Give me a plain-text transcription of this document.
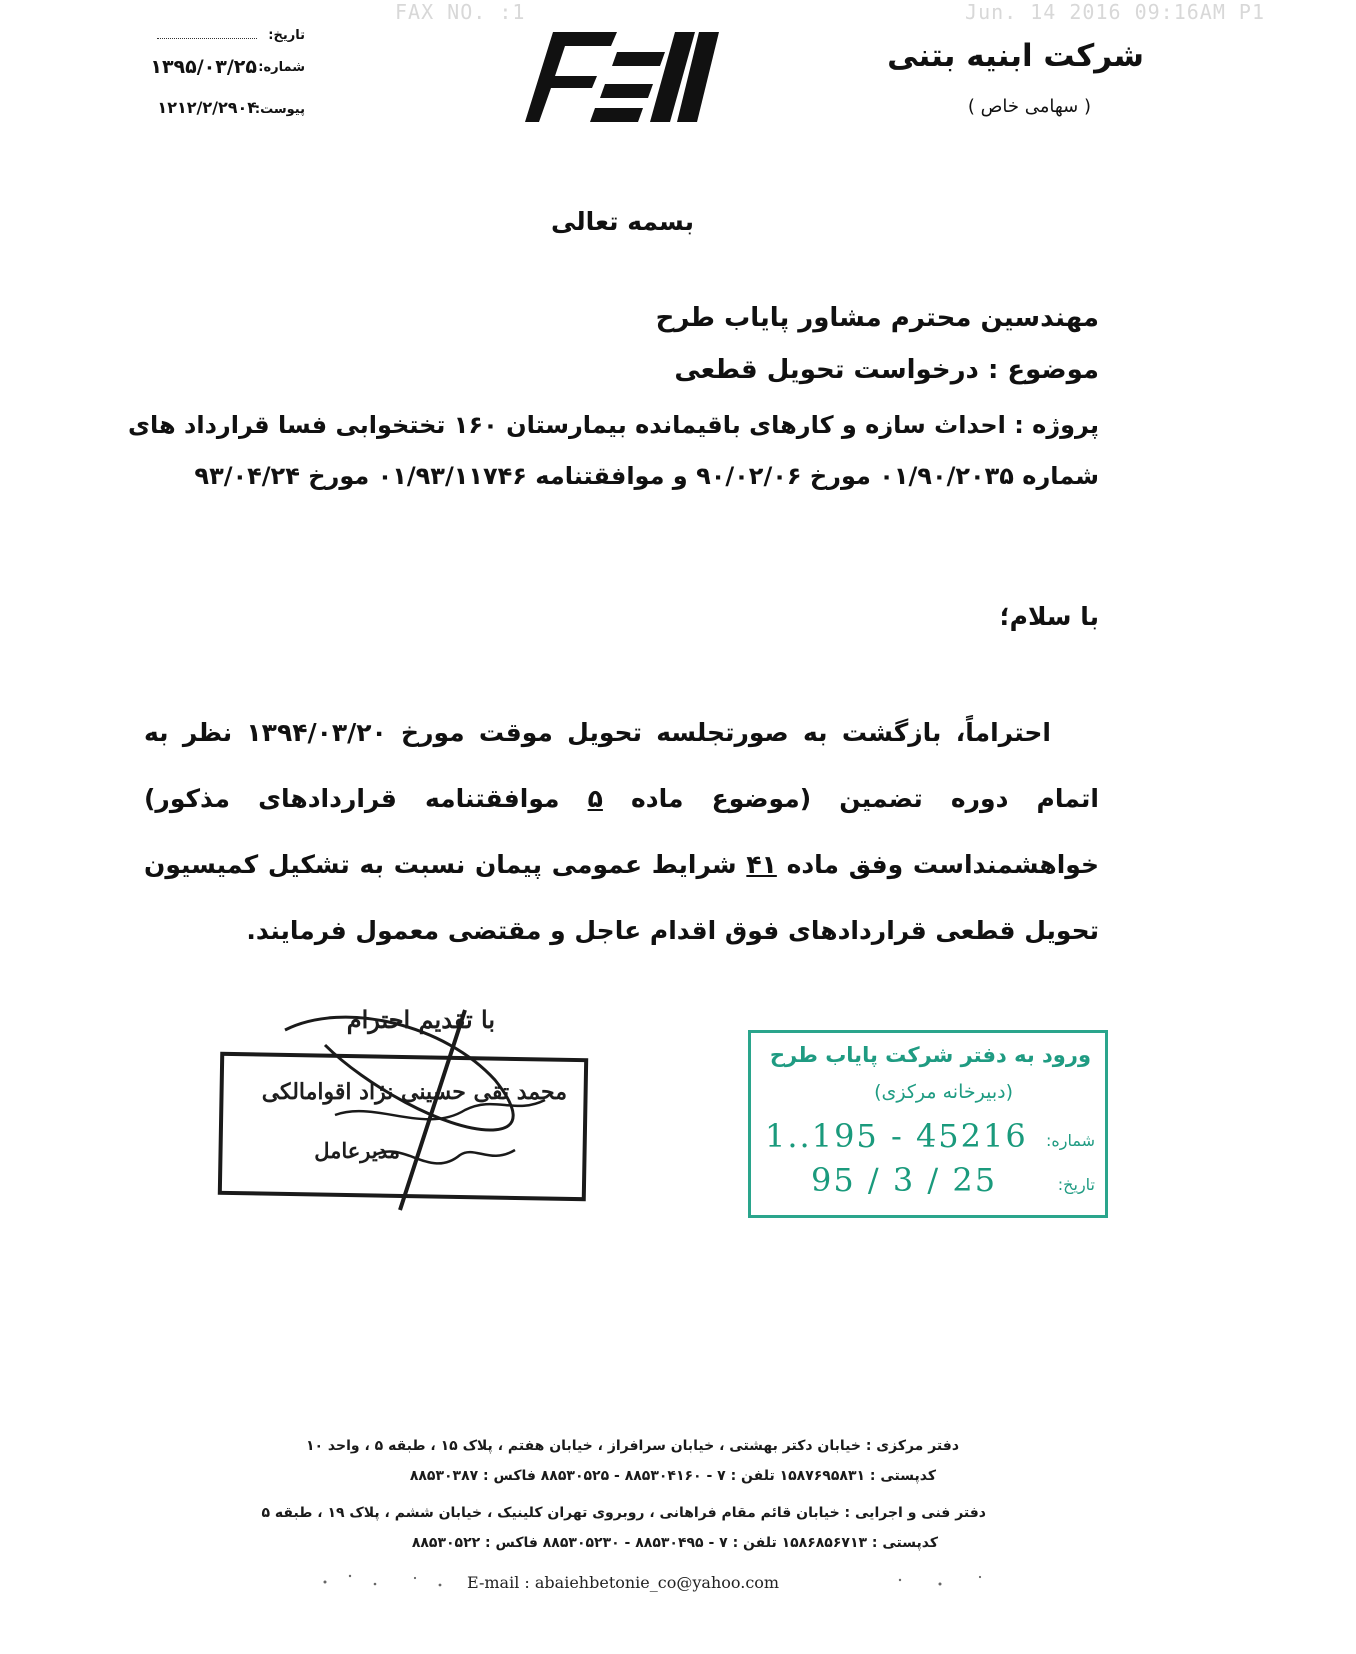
FAX NO. :1	Jun. 14 2016 09:16AM P1
تاریخ:
شماره:
۱۳۹۵/۰۳/۲۵
پیوست:
۱۲۱۲/۲/۲۹۰۴
شرکت ابنیه بتنی
( سهامی خاص )
بسمه تعالی
مهندسین محترم مشاور پایاب طرح
موضوع : درخواست تحویل قطعی
پروژه : احداث سازه و کارهای باقیمانده بیمارستان ۱۶۰ تختخوابی فسا قرارداد های
شماره ۰۱/۹۰/۲۰۳۵ مورخ ۹۰/۰۲/۰۶ و موافقتنامه ۰۱/۹۳/۱۱۷۴۶ مورخ ۹۳/۰۴/۲۴
با سلام؛
احتراماً، بازگشت به صورتجلسه تحویل موقت مورخ ۱۳۹۴/۰۳/۲۰ نظر به اتمام دوره تضمین (موضوع ماده ۵ موافقتنامه قراردادهای مذکور) خواهشمنداست وفق ماده ۴۱ شرایط عمومی پیمان نسبت به تشکیل کمیسیون تحویل قطعی قراردادهای فوق اقدام عاجل و مقتضی معمول فرمایند.
با تقدیم احترام
محمد تقی حسینی نژاد اقوامالکی
مدیرعامل
ورود به دفتر شرکت پایاب طرح
(دبیرخانه مرکزی)
شماره:
1..195 - 45216
تاریخ:
95 / 3 / 25
دفتر مرکزی : خیابان دکتر بهشتی ، خیابان سرافراز ، خیابان هفتم ، پلاک ۱۵ ، طبقه ۵ ، واحد ۱۰
کدپستی : ۱۵۸۷۶۹۵۸۳۱ تلفن : ۷ - ۸۸۵۳۰۴۱۶۰ - ۸۸۵۳۰۵۲۵ فاکس : ۸۸۵۳۰۳۸۷
دفتر فنی و اجرایی : خیابان قائم مقام فراهانی ، روبروی تهران کلینیک ، خیابان ششم ، پلاک ۱۹ ، طبقه ۵
کدپستی : ۱۵۸۶۸۵۶۷۱۳ تلفن : ۷ - ۸۸۵۳۰۴۹۵ - ۸۸۵۳۰۵۲۳۰ فاکس : ۸۸۵۳۰۵۲۲
E-mail : abaiehbetonie_co@yahoo.com
